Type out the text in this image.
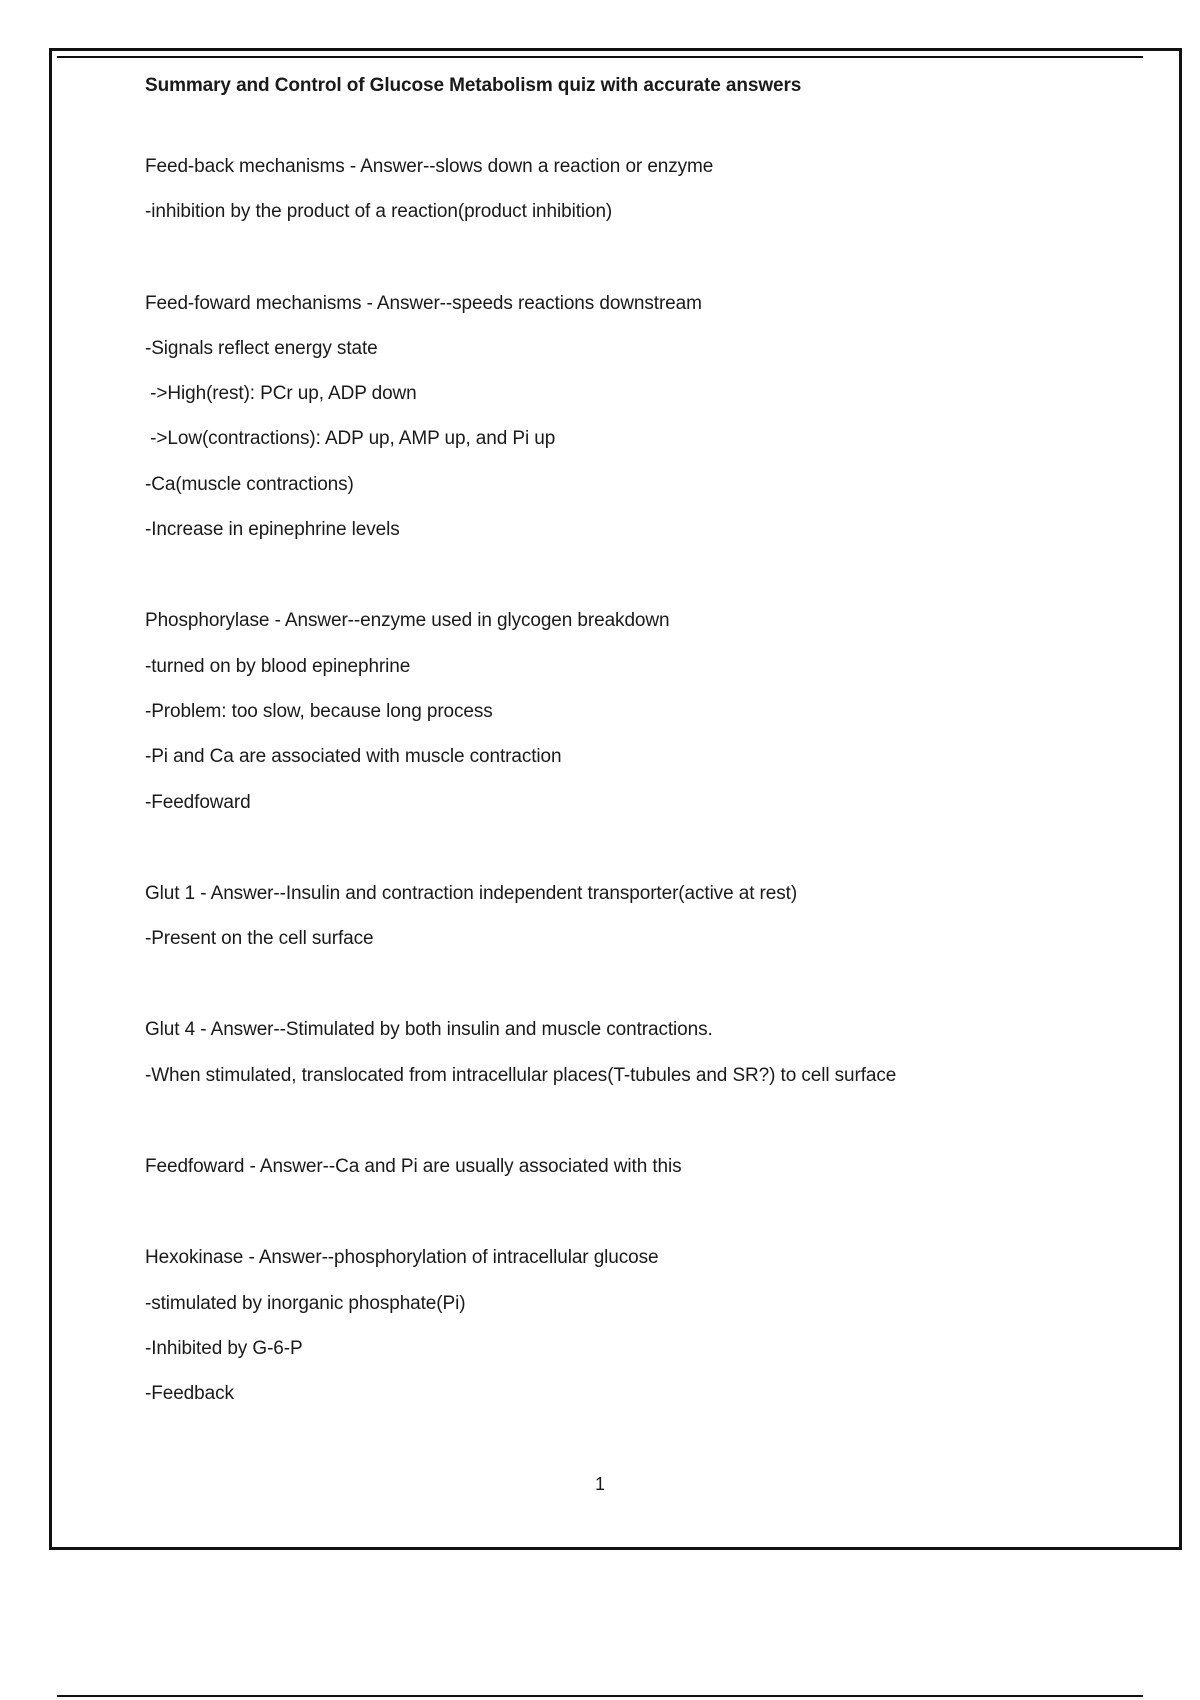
Summary and Control of Glucose Metabolism quiz with accurate answers
Feed-back mechanisms - Answer--slows down a reaction or enzyme
-inhibition by the product of a reaction(product inhibition)
Feed-foward mechanisms - Answer--speeds reactions downstream
-Signals reflect energy state
->High(rest): PCr up, ADP down
->Low(contractions): ADP up, AMP up, and Pi up
-Ca(muscle contractions)
-Increase in epinephrine levels
Phosphorylase - Answer--enzyme used in glycogen breakdown
-turned on by blood epinephrine
-Problem: too slow, because long process
-Pi and Ca are associated with muscle contraction
-Feedfoward
Glut 1 - Answer--Insulin and contraction independent transporter(active at rest)
-Present on the cell surface
Glut 4 - Answer--Stimulated by both insulin and muscle contractions.
-When stimulated, translocated from intracellular places(T-tubules and SR?) to cell surface
Feedfoward - Answer--Ca and Pi are usually associated with this
Hexokinase - Answer--phosphorylation of intracellular glucose
-stimulated by inorganic phosphate(Pi)
-Inhibited by G-6-P
-Feedback
1
